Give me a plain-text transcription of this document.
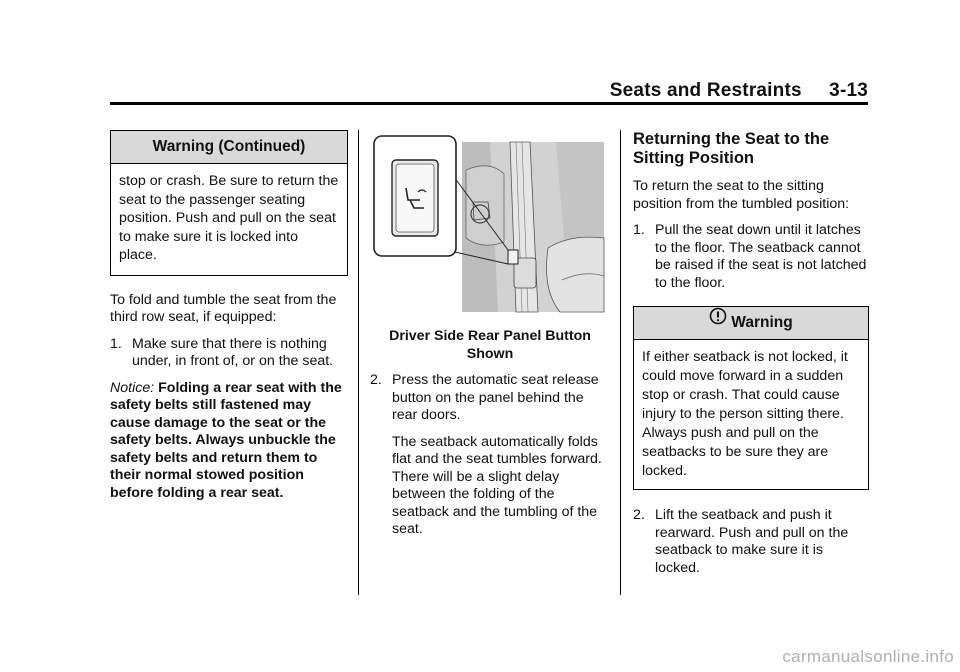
Seats and Restraints 3-13
Warning (Continued)
stop or crash. Be sure to return the seat to the passenger seating position. Push and pull on the seat to make sure it is locked into place.

To fold and tumble the seat from the third row seat, if equipped:

1. Make sure that there is nothing under, in front of, or on the seat.

Notice: Folding a rear seat with the safety belts still fastened may cause damage to the seat or the safety belts. Always unbuckle the safety belts and return them to their normal stowed position before folding a rear seat.

Driver Side Rear Panel Button Shown
2. Press the automatic seat release button on the panel behind the rear doors.

The seatback automatically folds flat and the seat tumbles forward. There will be a slight delay between the folding of the seatback and the tumbling of the seat.

Returning the Seat to the Sitting Position

To return the seat to the sitting position from the tumbled position:

1. Pull the seat down until it latches to the floor. The seatback cannot be raised if the seat is not latched to the floor.
Warning
If either seatback is not locked, it could move forward in a sudden stop or crash. That could cause injury to the person sitting there. Always push and pull on the seatbacks to be sure they are locked.
2. Lift the seatback and push it rearward. Push and pull on the seatback to make sure it is locked.
carmanualsonline.info
